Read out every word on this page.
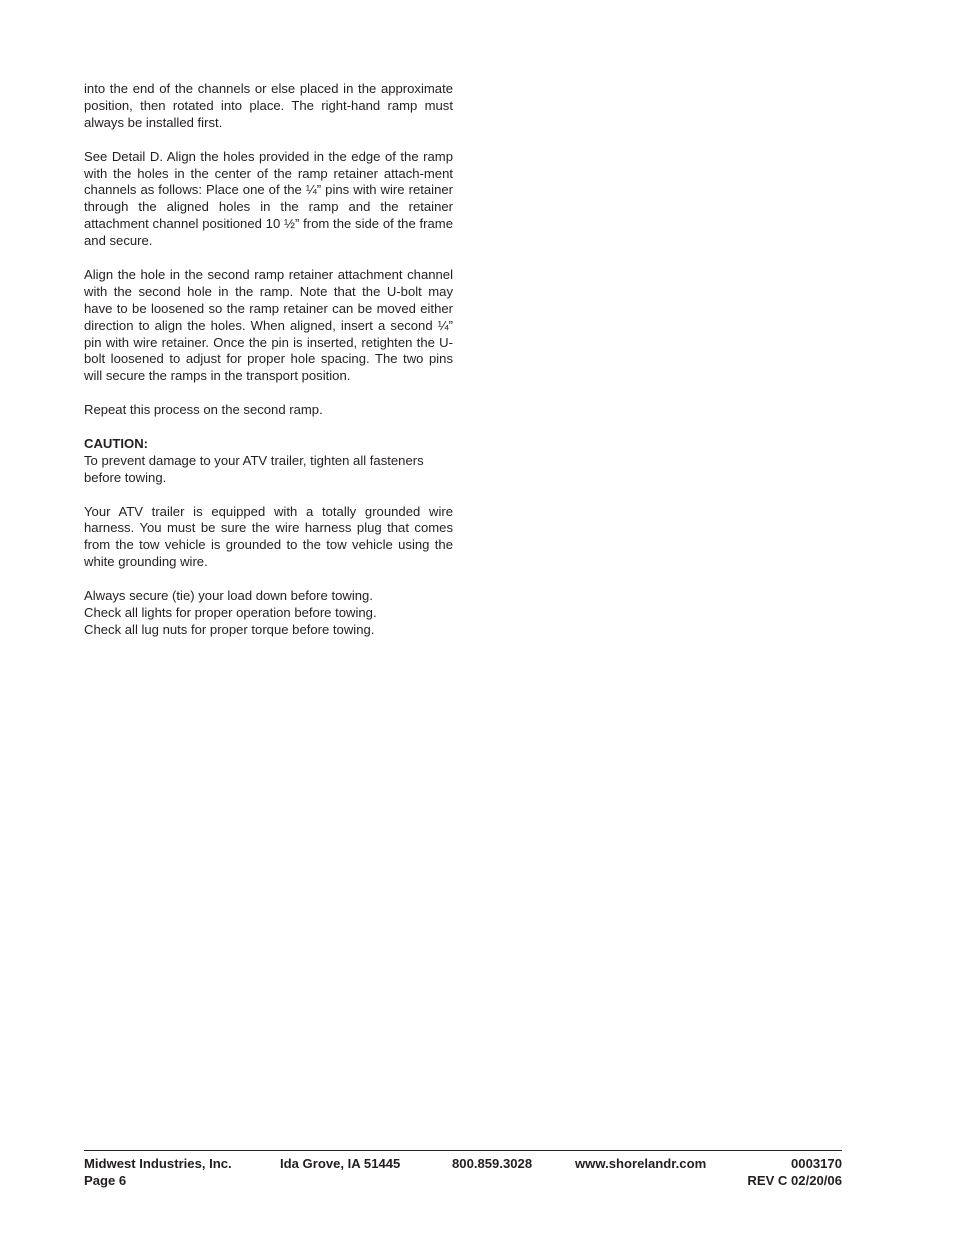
into the end of the channels or else placed in the approximate position, then rotated into place. The right-hand ramp must always be installed first.

See Detail D. Align the holes provided in the edge of the ramp with the holes in the center of the ramp retainer attach-ment channels as follows: Place one of the ¼” pins with wire retainer through the aligned holes in the ramp and the retainer attachment channel positioned 10 ½” from the side of the frame and secure.

Align the hole in the second ramp retainer attachment channel with the second hole in the ramp. Note that the U-bolt may have to be loosened so the ramp retainer can be moved either direction to align the holes. When aligned, insert a second ¼” pin with wire retainer. Once the pin is inserted, retighten the U-bolt loosened to adjust for proper hole spacing. The two pins will secure the ramps in the transport position.

Repeat this process on the second ramp.

CAUTION:
To prevent damage to your ATV trailer, tighten all fasteners before towing.

Your ATV trailer is equipped with a totally grounded wire harness. You must be sure the wire harness plug that comes from the tow vehicle is grounded to the tow vehicle using the white grounding wire.

Always secure (tie) your load down before towing.
Check all lights for proper operation before towing.
Check all lug nuts for proper torque before towing.

Midwest Industries, Inc.	Ida Grove, IA 51445	800.859.3028	www.shorelandr.com	0003170
Page 6	REV C 02/20/06
